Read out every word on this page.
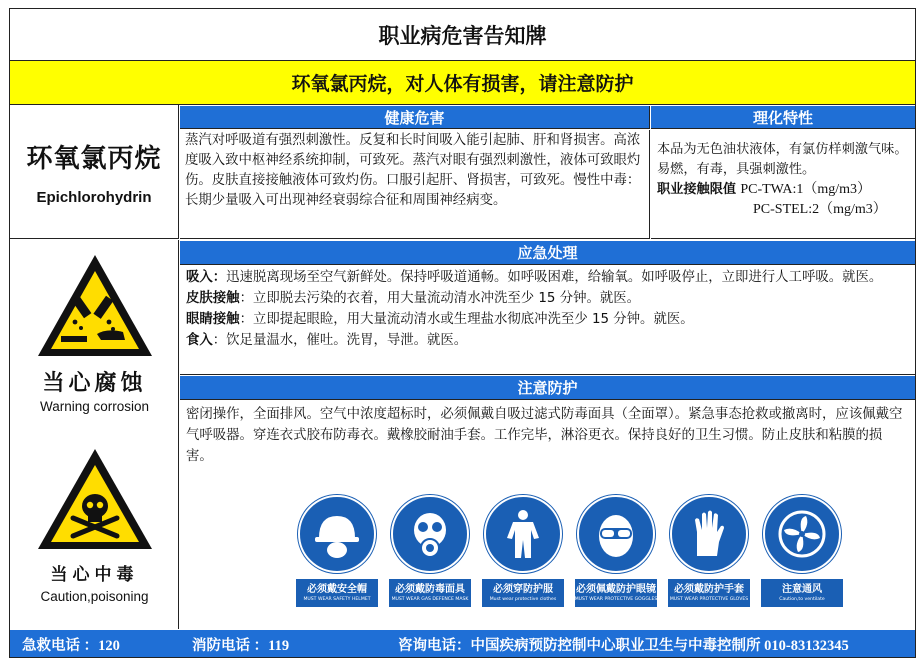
职业病危害告知牌
环氧氯丙烷，对人体有损害，请注意防护
环氧氯丙烷
Epichlorohydrin
健康危害	理化特性
蒸汽对呼吸道有强烈刺激性。反复和长时间吸入能引起肺、肝和肾损害。高浓度吸入致中枢神经系统抑制，可致死。蒸汽对眼有强烈刺激性，液体可致眼灼伤。皮肤直接接触液体可致灼伤。口服引起肝、肾损害，可致死。慢性中毒：长期少量吸入可出现神经衰弱综合征和周围神经病变。
本品为无色油状液体，有氯仿样刺激气味。易燃，有毒，具强刺激性。
职业接触限值 PC-TWA:1（mg/m3）
PC-STEL:2（mg/m3）
当心腐蚀
Warning corrosion
当心中毒
Caution,poisoning
应急处理
吸入：迅速脱离现场至空气新鲜处。保持呼吸道通畅。如呼吸困难，给输氧。如呼吸停止，立即进行人工呼吸。就医。
皮肤接触：立即脱去污染的衣着，用大量流动清水冲洗至少 15 分钟。就医。
眼睛接触：立即提起眼睑，用大量流动清水或生理盐水彻底冲洗至少 15 分钟。就医。
食入：饮足量温水，催吐。洗胃，导泄。就医。
注意防护
密闭操作，全面排风。空气中浓度超标时，必须佩戴自吸过滤式防毒面具（全面罩）。紧急事态抢救或撤离时，应该佩戴空气呼吸器。穿连衣式胶布防毒衣。戴橡胶耐油手套。工作完毕，淋浴更衣。保持良好的卫生习惯。防止皮肤和粘膜的损害。
必须戴安全帽
MUST WEAR SAFETY HELMET
必须戴防毒面具
MUST WEAR GAS DEFENCE MASK
必须穿防护服
Must wear protective clothes
必须佩戴防护眼镜
MUST WEAR PROTECTIVE GOGGLES
必须戴防护手套
MUST WEAR PROTECTIVE GLOVES
注意通风
Caution,to ventilate
急救电话 ：120	消防电话 ：119	咨询电话：中国疾病预防控制中心职业卫生与中毒控制所 010-83132345
